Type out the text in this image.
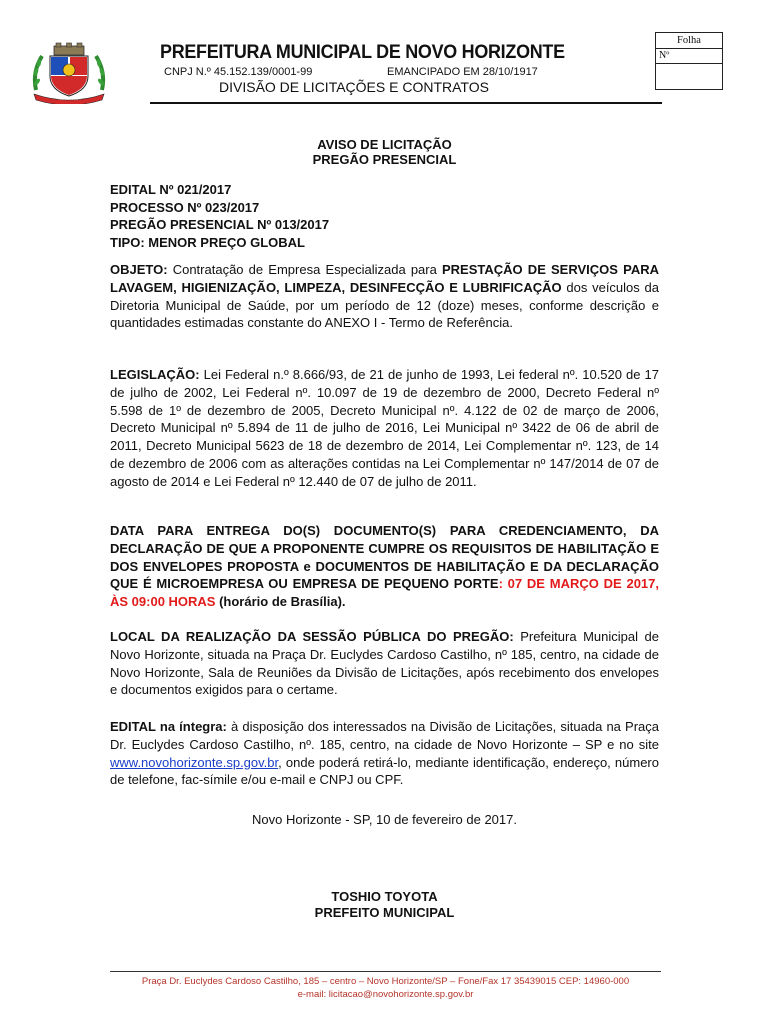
· · · · · · · · · ·
PREFEITURA MUNICIPAL DE NOVO HORIZONTE
CNPJ N.º 45.152.139/0001-99	EMANCIPADO EM 28/10/1917
DIVISÃO DE LICITAÇÕES E CONTRATOS
Folha
Nº
AVISO DE LICITAÇÃO
PREGÃO PRESENCIAL
EDITAL Nº 021/2017
PROCESSO Nº 023/2017
PREGÃO PRESENCIAL Nº 013/2017
TIPO: MENOR PREÇO GLOBAL
OBJETO: Contratação de Empresa Especializada para PRESTAÇÃO DE SERVIÇOS PARA LAVAGEM, HIGIENIZAÇÃO, LIMPEZA, DESINFECÇÃO E LUBRIFICAÇÃO dos veículos da Diretoria Municipal de Saúde, por um período de 12 (doze) meses, conforme descrição e quantidades estimadas constante do ANEXO I - Termo de Referência.
LEGISLAÇÃO: Lei Federal n.º 8.666/93, de 21 de junho de 1993, Lei federal nº. 10.520 de 17 de julho de 2002, Lei Federal nº. 10.097 de 19 de dezembro de 2000, Decreto Federal nº 5.598 de 1º de dezembro de 2005, Decreto Municipal nº. 4.122 de 02 de março de 2006, Decreto Municipal nº 5.894 de 11 de julho de 2016, Lei Municipal nº 3422 de 06 de abril de 2011, Decreto Municipal 5623 de 18 de dezembro de 2014, Lei Complementar nº. 123, de 14 de dezembro de 2006 com as alterações contidas na Lei Complementar nº 147/2014 de 07 de agosto de 2014 e Lei Federal nº 12.440 de 07 de julho de 2011.
DATA PARA ENTREGA DO(S) DOCUMENTO(S) PARA CREDENCIAMENTO, DA DECLARAÇÃO DE QUE A PROPONENTE CUMPRE OS REQUISITOS DE HABILITAÇÃO E DOS ENVELOPES PROPOSTA e DOCUMENTOS DE HABILITAÇÃO E DA DECLARAÇÃO QUE É MICROEMPRESA OU EMPRESA DE PEQUENO PORTE: 07 DE MARÇO DE 2017, ÀS 09:00 HORAS (horário de Brasília).
LOCAL DA REALIZAÇÃO DA SESSÃO PÚBLICA DO PREGÃO: Prefeitura Municipal de Novo Horizonte, situada na Praça Dr. Euclydes Cardoso Castilho, nº 185, centro, na cidade de Novo Horizonte, Sala de Reuniões da Divisão de Licitações, após recebimento dos envelopes e documentos exigidos para o certame.
EDITAL na íntegra: à disposição dos interessados na Divisão de Licitações, situada na Praça Dr. Euclydes Cardoso Castilho, nº. 185, centro, na cidade de Novo Horizonte – SP e no site www.novohorizonte.sp.gov.br, onde poderá retirá-lo, mediante identificação, endereço, número de telefone, fac-símile e/ou e-mail e CNPJ ou CPF.
Novo Horizonte - SP, 10 de fevereiro de 2017.
TOSHIO TOYOTA
PREFEITO MUNICIPAL
Praça Dr. Euclydes Cardoso Castilho, 185 – centro – Novo Horizonte/SP – Fone/Fax 17 35439015 CEP: 14960-000
e-mail: licitacao@novohorizonte.sp.gov.br
